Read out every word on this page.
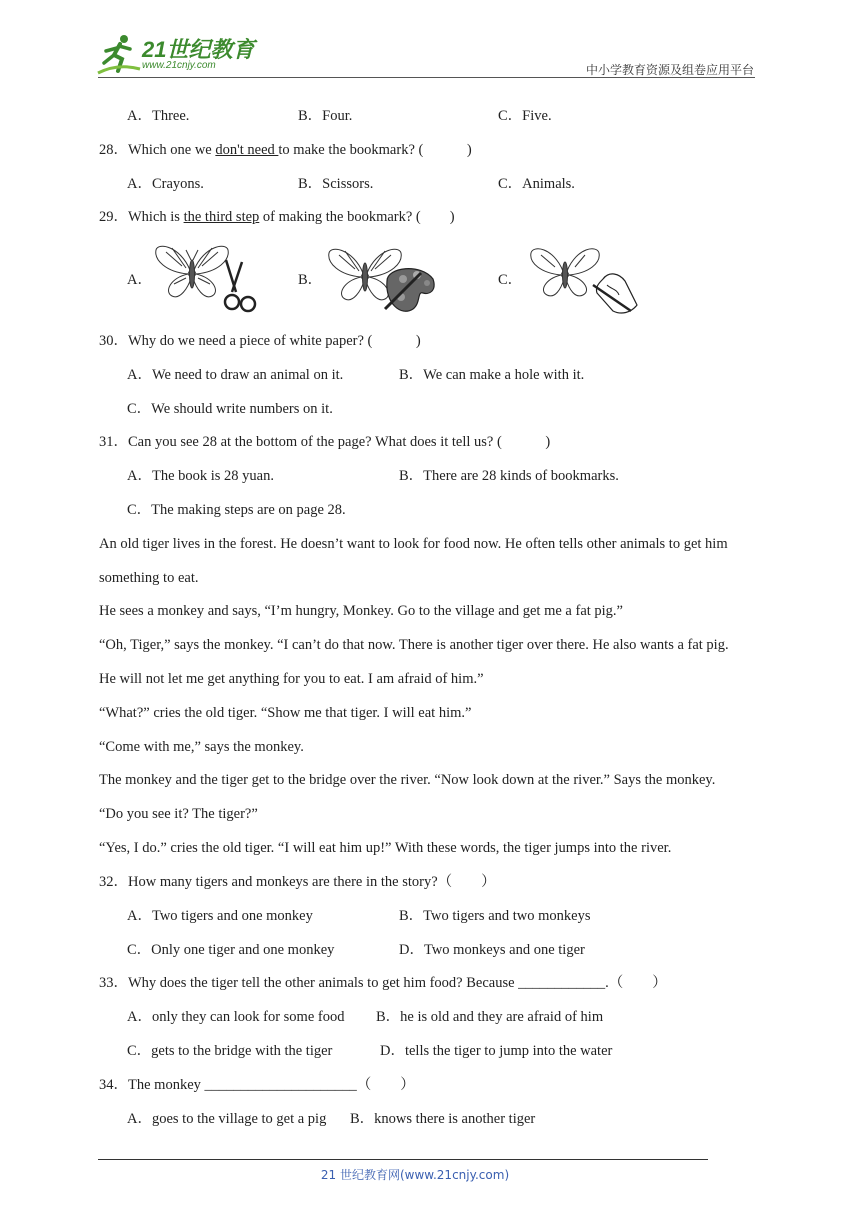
21世纪教育
www.21cnjy.com	中小学教育资源及组卷应用平台
A．Three.	B．Four.	C．Five.
28．Which one we don't need to make the bookmark? (　　　)
A．Crayons.	B．Scissors.	C．Animals.
29．Which is the third step of making the bookmark? (　　)
A．	B．	C．
30．Why do we need a piece of white paper? (　　　)
A．We need to draw an animal on it.	B．We can make a hole with it.
C．We should write numbers on it.
31．Can you see 28 at the bottom of the page? What does it tell us? (　　　)
A．The book is 28 yuan.	B．There are 28 kinds of bookmarks.
C．The making steps are on page 28.
An old tiger lives in the forest. He doesn’t want to look for food now. He often tells other animals to get him
something to eat.
He sees a monkey and says, “I’m hungry, Monkey. Go to the village and get me a fat pig.”
“Oh, Tiger,” says the monkey. “I can’t do that now. There is another tiger over there. He also wants a fat pig.
He will not let me get anything for you to eat. I am afraid of him.”
“What?” cries the old tiger. “Show me that tiger. I will eat him.”
“Come with me,” says the monkey.
The monkey and the tiger get to the bridge over the river. “Now look down at the river.” Says the monkey.
“Do you see it? The tiger?”
“Yes, I do.” cries the old tiger. “I will eat him up!” With these words, the tiger jumps into the river.
32．How many tigers and monkeys are there in the story?（　　）
A．Two tigers and one monkey	B．Two tigers and two monkeys
C．Only one tiger and one monkey	D．Two monkeys and one tiger
33．Why does the tiger tell the other animals to get him food? Because ____________.（　　）
A．only they can look for some food B．he is old and they are afraid of him
C．gets to the bridge with the tiger	D．tells the tiger to jump into the water
34．The monkey _____________________（　　）
A．goes to the village to get a pig B．knows there is another tiger
21 世纪教育网(www.21cnjy.com)
